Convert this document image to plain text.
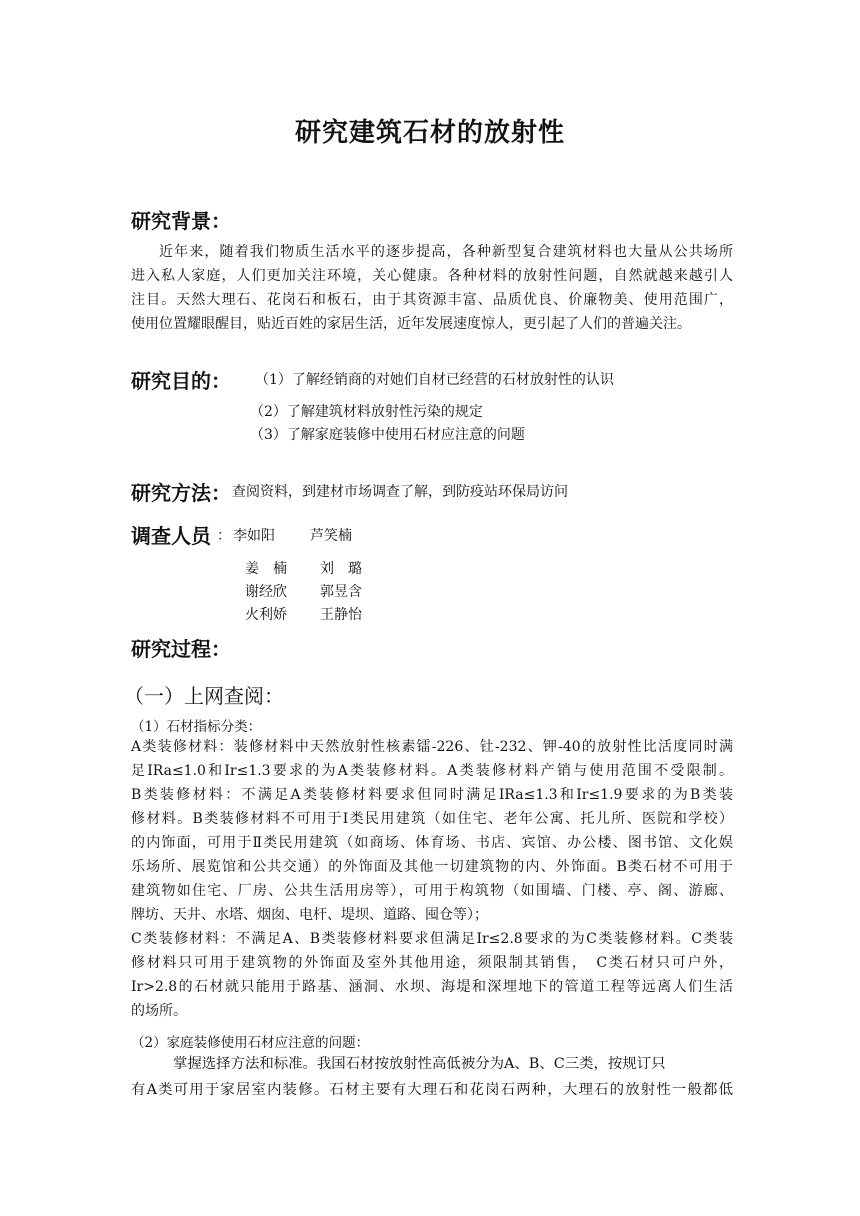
研究建筑石材的放射性
研究背景：
近年来，随着我们物质生活水平的逐步提高，各种新型复合建筑材料也大量从公共场所
进入私人家庭，人们更加关注环境，关心健康。各种材料的放射性问题，自然就越来越引人
注目。天然大理石、花岗石和板石，由于其资源丰富、品质优良、价廉物美、使用范围广，
使用位置耀眼醒目，贴近百姓的家居生活，近年发展速度惊人，更引起了人们的普遍关注。
研究目的： （1）了解经销商的对她们自材已经营的石材放射性的认识
（2）了解建筑材料放射性污染的规定
（3）了解家庭装修中使用石材应注意的问题
研究方法： 查阅资料，到建材市场调查了解，到防疫站环保局访问
调查人员 ： 李如阳	芦笑楠
姜　楠 刘　璐
谢经欣 郭昱含
火利娇 王静怡
研究过程：
（一）上网查阅：
（1）石材指标分类：
A类装修材料：装修材料中天然放射性核素镭-226、钍-232、钾-40的放射性比活度同时满
足IRa≤1.0和Ir≤1.3要求的为A类装修材料。A类装修材料产销与使用范围不受限制。
B类装修材料：不满足A类装修材料要求但同时满足IRa≤1.3和Ir≤1.9要求的为B类装
修材料。B类装修材料不可用于Ⅰ类民用建筑（如住宅、老年公寓、托儿所、医院和学校）
的内饰面，可用于Ⅱ类民用建筑（如商场、体育场、书店、宾馆、办公楼、图书馆、文化娱
乐场所、展览馆和公共交通）的外饰面及其他一切建筑物的内、外饰面。B类石材不可用于
建筑物如住宅、厂房、公共生活用房等），可用于构筑物（如围墙、门楼、亭、阁、游廊、
牌坊、天井、水塔、烟囱、电杆、堤坝、道路、囤仓等）；
C类装修材料：不满足A、B类装修材料要求但满足Ir≤2.8要求的为C类装修材料。C类装
修材料只可用于建筑物的外饰面及室外其他用途，须限制其销售，　C类石材只可户外，
Ir>2.8的石材就只能用于路基、涵洞、水坝、海堤和深埋地下的管道工程等远离人们生活
的场所。
（2）家庭装修使用石材应注意的问题：
掌握选择方法和标准。我国石材按放射性高低被分为A、B、C三类，按规订只
有A类可用于家居室内装修。石材主要有大理石和花岗石两种，大理石的放射性一般都低
